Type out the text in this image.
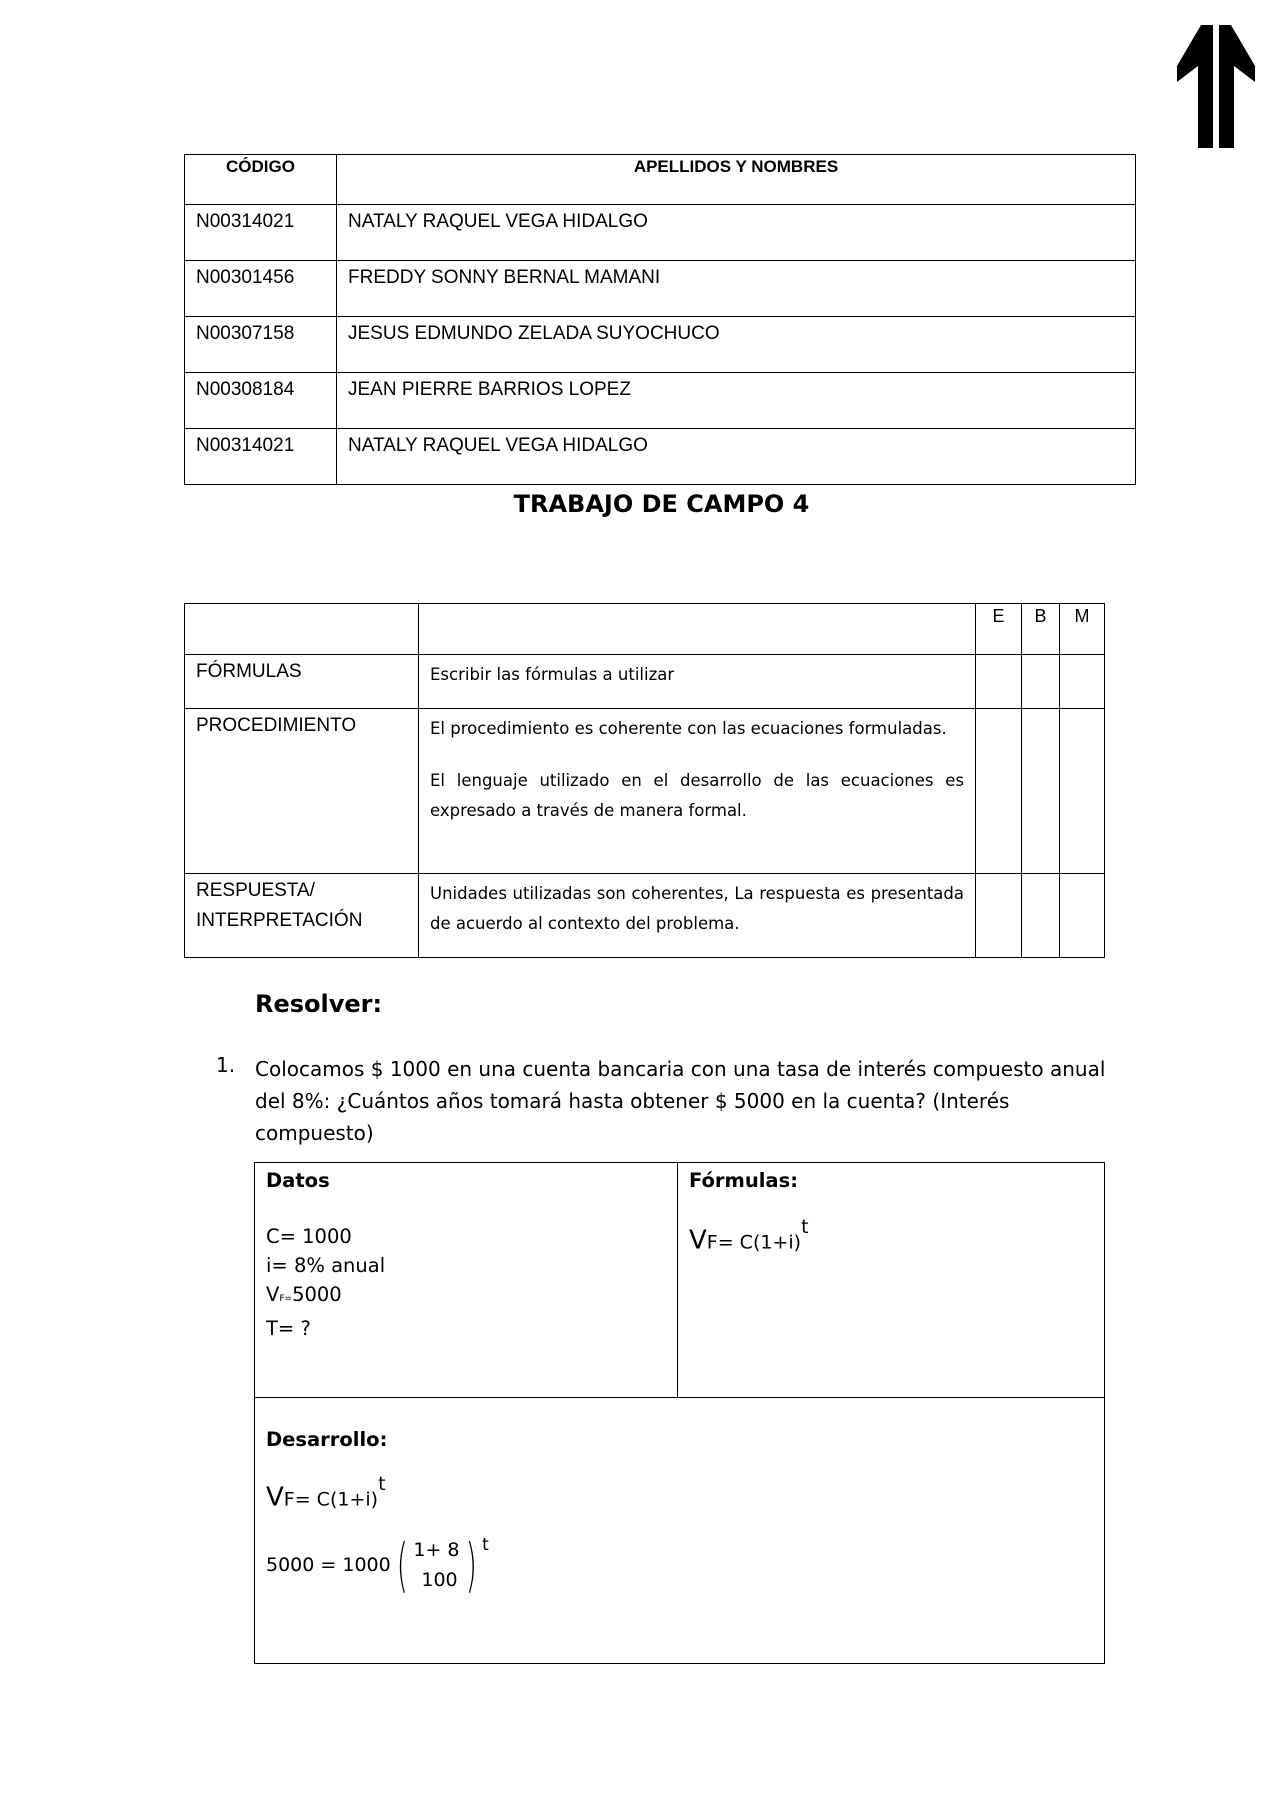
CÓDIGO	APELLIDOS Y NOMBRES
N00314021	NATALY RAQUEL VEGA HIDALGO
N00301456	FREDDY SONNY BERNAL MAMANI
N00307158	JESUS EDMUNDO ZELADA SUYOCHUCO
N00308184	JEAN PIERRE BARRIOS LOPEZ
N00314021	NATALY RAQUEL VEGA HIDALGO
TRABAJO DE CAMPO 4
		E	B	M
FÓRMULAS	Escribir las fórmulas a utilizar			

PROCEDIMIENTO	El procedimiento es coherente con las ecuaciones formuladas.

El lenguaje utilizado en el desarrollo de las ecuaciones es expresado a través de manera formal.			

RESPUESTA/
INTERPRETACIÓN	Unidades utilizadas son coherentes, La respuesta es presentada de acuerdo al contexto del problema.			

Resolver:
1. Colocamos $ 1000 en una cuenta bancaria con una tasa de interés compuesto anual del 8%: ¿Cuántos años tomará hasta obtener $ 5000 en la cuenta? (Interés compuesto)
Datos
C= 1000
i= 8% anual
VF=5000
T= ?

Fórmulas:
$VF= C(1+i)^t$

Desarrollo:
$VF= C(1+i)^t$
5000 = 1000 ( 1+ 8
100 ) t
